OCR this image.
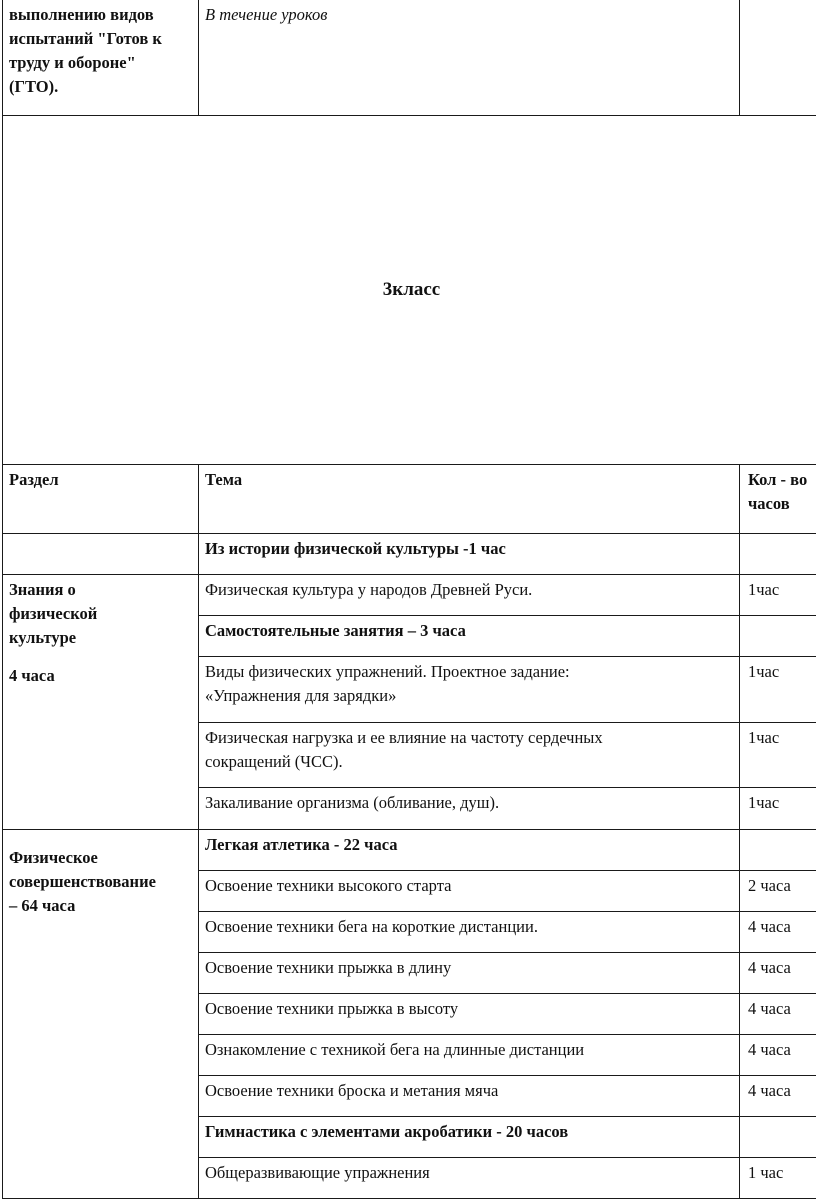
выполнению видов
испытаний "Готов к
труду и обороне"
(ГТО).	В течение уроков	
3класс		
Раздел	Тема	Кол - во
часов

	Из истории физической культуры -1 час	

Знания о
физической
культуре
4 часа	Физическая культура у народов Древней Руси.	1час
	Самостоятельные занятия – 3 часа	

	Виды физических упражнений. Проектное задание:
«Упражнения для зарядки»	1час

	Физическая нагрузка и ее влияние на частоту сердечных
сокращений (ЧСС).	1час
	Закаливание организма (обливание, душ).	1час

Физическое
совершенствование
– 64 часа	Легкая атлетика - 22 часа	
	Освоение техники высокого старта	2 часа
	Освоение техники бега на короткие дистанции.	4 часа
	Освоение техники прыжка в длину	4 часа
	Освоение техники прыжка в высоту	4 часа
	Ознакомление с техникой бега на длинные дистанции	4 часа
	Освоение техники броска и метания мяча	4 часа
	Гимнастика с элементами акробатики - 20 часов	
	Общеразвивающие упражнения	1 час
